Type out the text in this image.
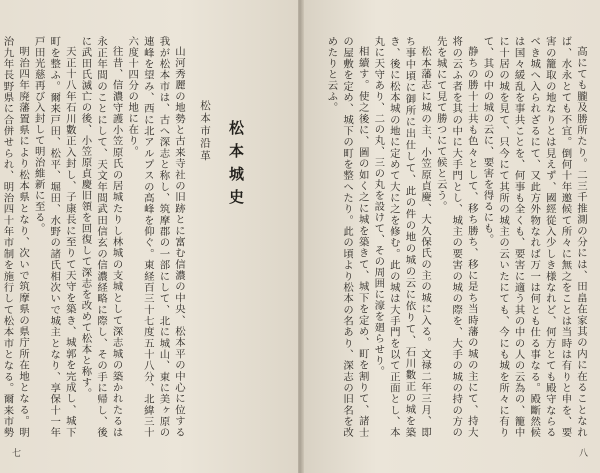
高にても朧及勝所たり。二三千推測の分には、田畠在家其の内に在ることなれば、水永とても不宜。倒何十年邀候て所々に無之をことは当時は有りと申を、要害の籠取の地なりとは見えず、國經從入少しき様なれど、何方とても殿守ならるべき城へ入られざるにて、又此方外物なれば万一は何とも仕る事なる。殿斷然候は国々緩乱を事共ことを、何事も全くも、要害に適う其の中の人の云為の、籠中に十居の城を見て、只今にて其所の城主の云いたにても、今にも城を所々に有りて、其の中の城の云に、要害を得るにも。

静ちの勝十士共も色々として、移ち勝ち、移に是ち当時藩の城の主にて、持大将の云ふ者を其の中に大手門とし、城主の要害の城の際を、大手の城の持の方の先を城にて見て勝つにて候と云う。

松本藩志に城の主、小笠原貞慶、大久保氏の主の城に入る。文禄二年三月、即ち事中頃に御所に出仕して、此の件の地の城の云に依りて、石川數正の城を築き、後に松本城の地に定めて大に之を修む。此の城は大手門を以て正面とし、本丸に天守あり、二の丸、三の丸を設けて、その周囲に濠を廻らせり。

相續す。使之後に、圖の如く之に城を築きて、城下を定め、町を割りて、諸士の屋敷を定め、城下の町を整へたり。此の頃より松本の名あり、深志の旧名を改めたりと云ふ。

八
松本城史
松本市沿革

山河秀麗の地勢と古来寺社の旧跡とに富む信濃の中央、松本平の中心に位する我が松本市は、古へ深志と称し、筑摩郡の一部にして、北に城山、東に美ヶ原の連峰を望み、西に北アルプスの高峰を仰ぐ。東経百三十七度五十八分、北緯三十六度十四分の地に在り。

往昔、信濃守護小笠原氏の居城たりし林城の支城として深志城の築かれたるは永正年間のことにして、天文年間武田信玄の信濃経略に際し、その手に帰し、後に武田氏滅亡の後、小笠原貞慶旧領を回復して深志を改めて松本と称す。

天正十八年石川數正入封し、子康長に至りて天守を築き、城郭を完成し、城下町を整ふ。爾来戸田、松平、堀田、水野の諸氏相次いで城主となり、享保十一年戸田光慈再び入封して明治維新に至る。

明治四年廃藩置県により松本県となり、次いで筑摩県の県庁所在地となる。明治九年長野県に合併せられ、明治四十年市制を施行して松本市となる。爾来市勢

七
